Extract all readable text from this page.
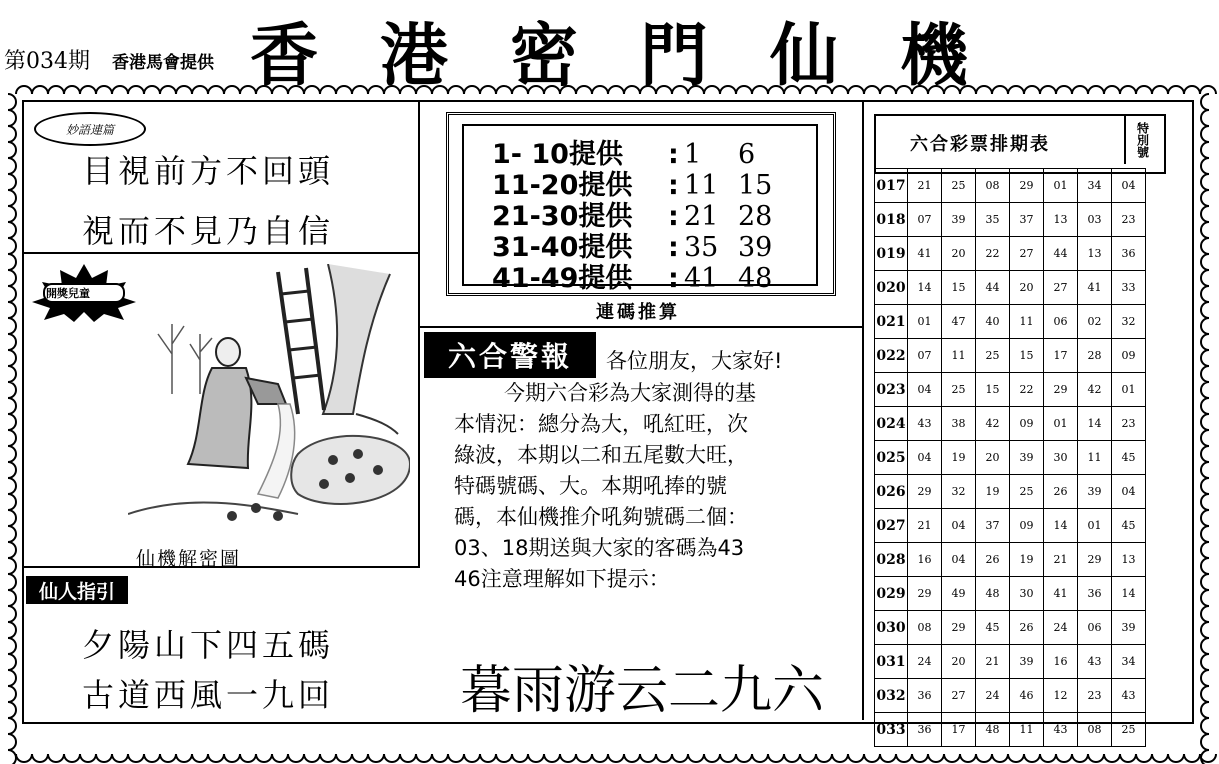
第034期 香港馬會提供 香港密門仙機
妙語連篇
目視前方不回頭
視而不見乃自信
開獎兒童
仙機解密圖
仙人指引
夕陽山下四五碼
古道西風一九回
1- 10提供 : 1 6
11-20提供 : 11 15
21-30提供 : 21 28
31-40提供 : 35 39
41-49提供 : 41 48
連碼推算
六合警報	各位朋友，大家好!
今期六合彩為大家測得的基
本情況：總分為大，吼紅旺，次
綠波，本期以二和五尾數大旺，
特碼號碼、大。本期吼捧的號
碼，本仙機推介吼夠號碼二個：
03、18期送與大家的客碼為43
46注意理解如下提示：
暮雨游云二九六
六合彩票排期表	特別號
017	21	25	08	29	01	34	04
018	07	39	35	37	13	03	23
019	41	20	22	27	44	13	36
020	14	15	44	20	27	41	33
021	01	47	40	11	06	02	32
022	07	11	25	15	17	28	09
023	04	25	15	22	29	42	01
024	43	38	42	09	01	14	23
025	04	19	20	39	30	11	45
026	29	32	19	25	26	39	04
027	21	04	37	09	14	01	45
028	16	04	26	19	21	29	13
029	29	49	48	30	41	36	14
030	08	29	45	26	24	06	39
031	24	20	21	39	16	43	34
032	36	27	24	46	12	23	43
033	36	17	48	11	43	08	25
